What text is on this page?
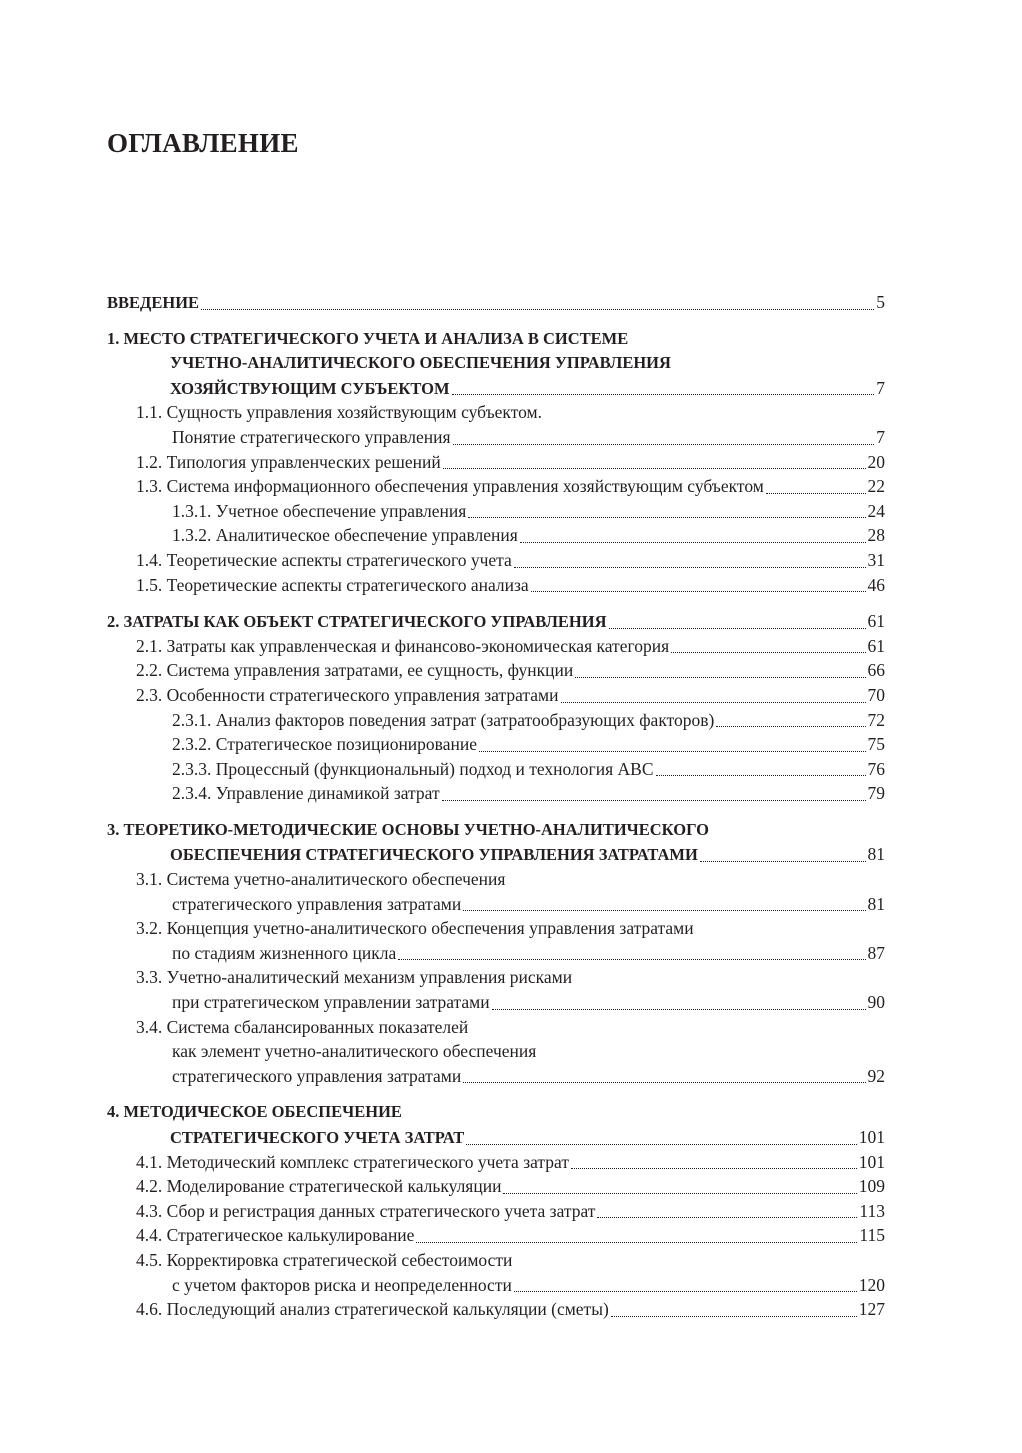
ОГЛАВЛЕНИЕ
ВВЕДЕНИЕ	5
1. МЕСТО СТРАТЕГИЧЕСКОГО УЧЕТА И АНАЛИЗА В СИСТЕМЕ
УЧЕТНО-АНАЛИТИЧЕСКОГО ОБЕСПЕЧЕНИЯ УПРАВЛЕНИЯ
ХОЗЯЙСТВУЮЩИМ СУБЪЕКТОМ	7
1.1. Сущность управления хозяйствующим субъектом.
Понятие стратегического управления	7
1.2. Типология управленческих решений	20
1.3. Система информационного обеспечения управления хозяйствующим субъектом	22
1.3.1. Учетное обеспечение управления	24
1.3.2. Аналитическое обеспечение управления	28
1.4. Теоретические аспекты стратегического учета	31
1.5. Теоретические аспекты стратегического анализа	46
2. ЗАТРАТЫ КАК ОБЪЕКТ СТРАТЕГИЧЕСКОГО УПРАВЛЕНИЯ	61
2.1. Затраты как управленческая и финансово-экономическая категория	61
2.2. Система управления затратами, ее сущность, функции	66
2.3. Особенности стратегического управления затратами	70
2.3.1. Анализ факторов поведения затрат (затратообразующих факторов)	72
2.3.2. Стратегическое позиционирование	75
2.3.3. Процессный (функциональный) подход и технология ABC	76
2.3.4. Управление динамикой затрат	79
3. ТЕОРЕТИКО-МЕТОДИЧЕСКИЕ ОСНОВЫ УЧЕТНО-АНАЛИТИЧЕСКОГО
ОБЕСПЕЧЕНИЯ СТРАТЕГИЧЕСКОГО УПРАВЛЕНИЯ ЗАТРАТАМИ	81
3.1. Система учетно-аналитического обеспечения
стратегического управления затратами	81
3.2. Концепция учетно-аналитического обеспечения управления затратами
по стадиям жизненного цикла	87
3.3. Учетно-аналитический механизм управления рисками
при стратегическом управлении затратами	90
3.4. Система сбалансированных показателей
как элемент учетно-аналитического обеспечения
стратегического управления затратами	92
4. МЕТОДИЧЕСКОЕ ОБЕСПЕЧЕНИЕ
СТРАТЕГИЧЕСКОГО УЧЕТА ЗАТРАТ	101
4.1. Методический комплекс стратегического учета затрат	101
4.2. Моделирование стратегической калькуляции	109
4.3. Сбор и регистрация данных стратегического учета затрат	113
4.4. Стратегическое калькулирование	115
4.5. Корректировка стратегической себестоимости
с учетом факторов риска и неопределенности	120
4.6. Последующий анализ стратегической калькуляции (сметы)	127
